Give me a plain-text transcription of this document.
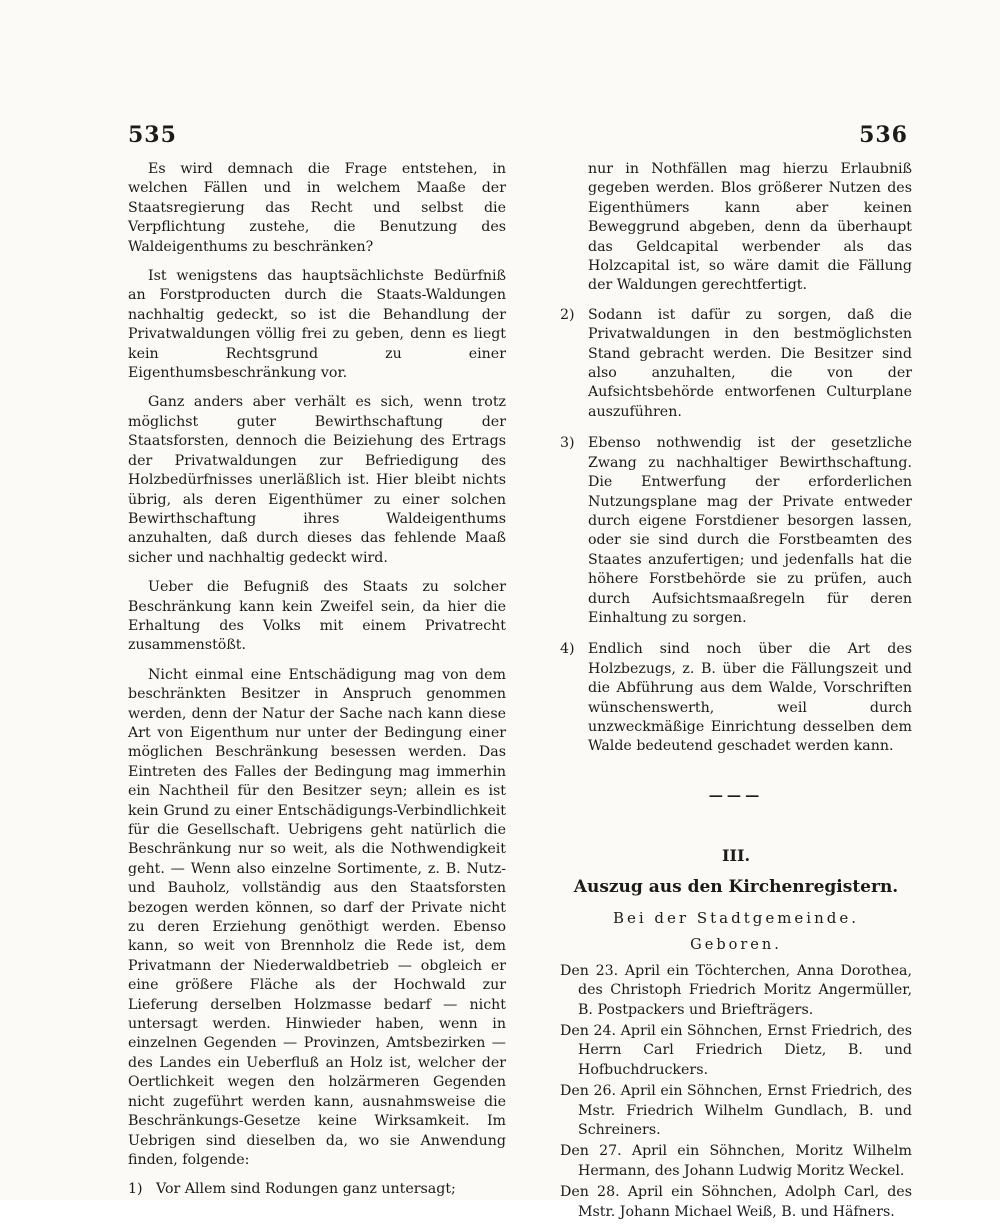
535	536

Es wird demnach die Frage entstehen, in welchen Fällen und in welchem Maaße der Staatsregierung das Recht und selbst die Verpflichtung zustehe, die Benutzung des Waldeigenthums zu beschränken?

Ist wenigstens das hauptsächlichste Bedürfniß an Forstproducten durch die Staats-Waldungen nachhaltig gedeckt, so ist die Behandlung der Privatwaldungen völlig frei zu geben, denn es liegt kein Rechtsgrund zu einer Eigenthumsbeschränkung vor.

Ganz anders aber verhält es sich, wenn trotz möglichst guter Bewirthschaftung der Staatsforsten, dennoch die Beiziehung des Ertrags der Privatwaldungen zur Befriedigung des Holzbedürfnisses unerläßlich ist. Hier bleibt nichts übrig, als deren Eigenthümer zu einer solchen Bewirthschaftung ihres Waldeigenthums anzuhalten, daß durch dieses das fehlende Maaß sicher und nachhaltig gedeckt wird.

Ueber die Befugniß des Staats zu solcher Beschränkung kann kein Zweifel sein, da hier die Erhaltung des Volks mit einem Privatrecht zusammenstößt.

Nicht einmal eine Entschädigung mag von dem beschränkten Besitzer in Anspruch genommen werden, denn der Natur der Sache nach kann diese Art von Eigenthum nur unter der Bedingung einer möglichen Beschränkung besessen werden. Das Eintreten des Falles der Bedingung mag immerhin ein Nachtheil für den Besitzer seyn; allein es ist kein Grund zu einer Entschädigungs-Verbindlichkeit für die Gesellschaft. Uebrigens geht natürlich die Beschränkung nur so weit, als die Nothwendigkeit geht. — Wenn also einzelne Sortimente, z. B. Nutz- und Bauholz, vollständig aus den Staatsforsten bezogen werden können, so darf der Private nicht zu deren Erziehung genöthigt werden. Ebenso kann, so weit von Brennholz die Rede ist, dem Privatmann der Niederwaldbetrieb — obgleich er eine größere Fläche als der Hochwald zur Lieferung derselben Holzmasse bedarf — nicht untersagt werden. Hinwieder haben, wenn in einzelnen Gegenden — Provinzen, Amtsbezirken — des Landes ein Ueberfluß an Holz ist, welcher der Oertlichkeit wegen den holzärmeren Gegenden nicht zugeführt werden kann, ausnahmsweise die Beschränkungs-Gesetze keine Wirksamkeit. Im Uebrigen sind dieselben da, wo sie Anwendung finden, folgende:

1) Vor Allem sind Rodungen ganz untersagt;

nur in Nothfällen mag hierzu Erlaubniß gegeben werden. Blos größerer Nutzen des Eigenthümers kann aber keinen Beweggrund abgeben, denn da überhaupt das Geldcapital werbender als das Holzcapital ist, so wäre damit die Fällung der Waldungen gerechtfertigt.

2) Sodann ist dafür zu sorgen, daß die Privatwaldungen in den bestmöglichsten Stand gebracht werden. Die Besitzer sind also anzuhalten, die von der Aufsichtsbehörde entworfenen Culturplane auszuführen.
3) Ebenso nothwendig ist der gesetzliche Zwang zu nachhaltiger Bewirthschaftung. Die Entwerfung der erforderlichen Nutzungsplane mag der Private entweder durch eigene Forstdiener besorgen lassen, oder sie sind durch die Forstbeamten des Staates anzufertigen; und jedenfalls hat die höhere Forstbehörde sie zu prüfen, auch durch Aufsichtsmaaßregeln für deren Einhaltung zu sorgen.
4) Endlich sind noch über die Art des Holzbezugs, z. B. über die Fällungszeit und die Abführung aus dem Walde, Vorschriften wünschenswerth, weil durch unzweckmäßige Einrichtung desselben dem Walde bedeutend geschadet werden kann.
———
III.
Auszug aus den Kirchenregistern.
Bei der Stadtgemeinde.
Geboren.

Den 23. April ein Töchterchen, Anna Dorothea, des Christoph Friedrich Moritz Angermüller, B. Postpackers und Briefträgers.

Den 24. April ein Söhnchen, Ernst Friedrich, des Herrn Carl Friedrich Dietz, B. und Hofbuchdruckers.

Den 26. April ein Söhnchen, Ernst Friedrich, des Mstr. Friedrich Wilhelm Gundlach, B. und Schreiners.

Den 27. April ein Söhnchen, Moritz Wilhelm Hermann, des Johann Ludwig Moritz Weckel.

Den 28. April ein Söhnchen, Adolph Carl, des Mstr. Johann Michael Weiß, B. und Häfners.
